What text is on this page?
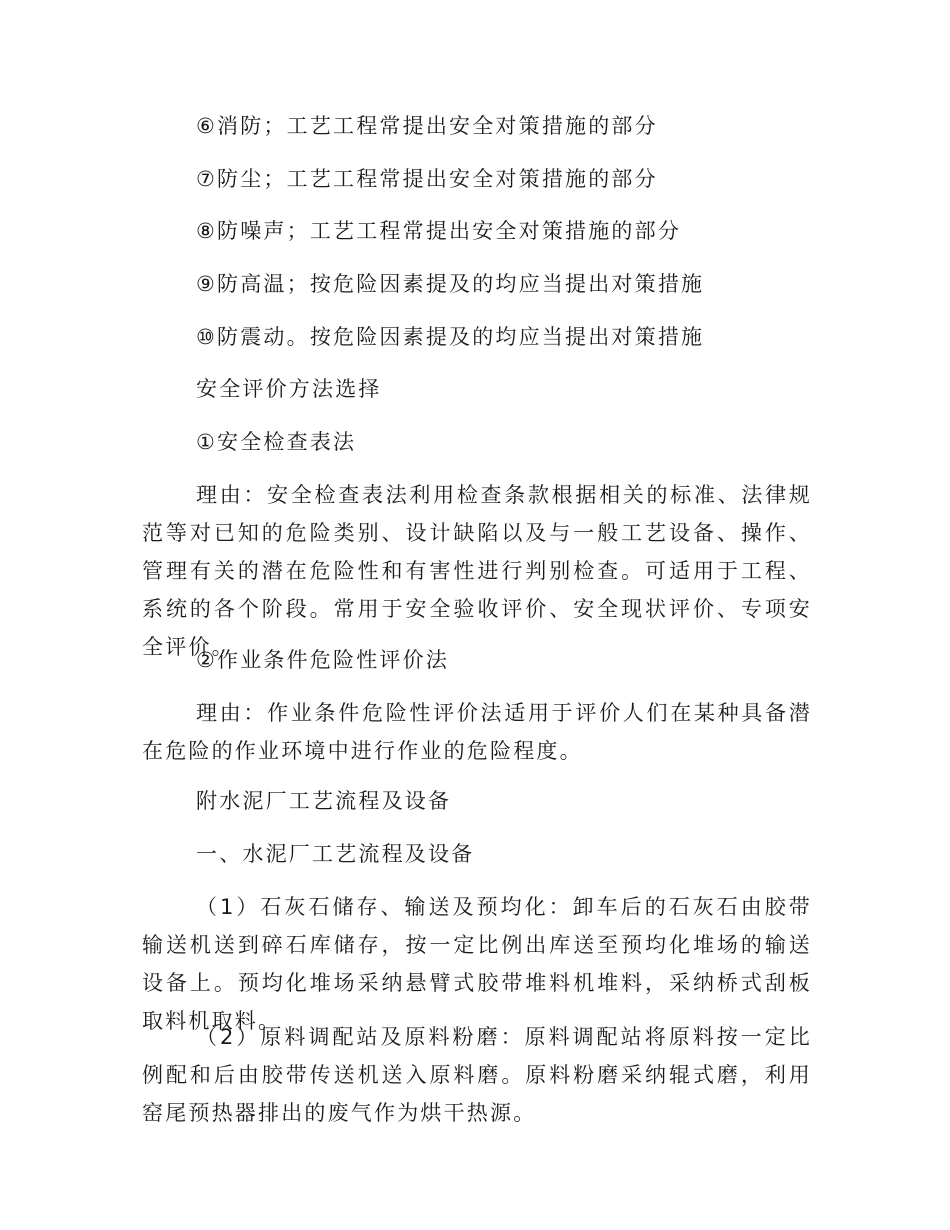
⑥消防；工艺工程常提出安全对策措施的部分
⑦防尘；工艺工程常提出安全对策措施的部分
⑧防噪声；工艺工程常提出安全对策措施的部分
⑨防高温；按危险因素提及的均应当提出对策措施
⑩防震动。按危险因素提及的均应当提出对策措施
安全评价方法选择
①安全检查表法
理由：安全检查表法利用检查条款根据相关的标准、法律规范等对已知的危险类别、设计缺陷以及与一般工艺设备、操作、管理有关的潜在危险性和有害性进行判别检查。可适用于工程、系统的各个阶段。常用于安全验收评价、安全现状评价、专项安全评价。
②作业条件危险性评价法
理由：作业条件危险性评价法适用于评价人们在某种具备潜在危险的作业环境中进行作业的危险程度。
附水泥厂工艺流程及设备
一、水泥厂工艺流程及设备
（1）石灰石储存、输送及预均化：卸车后的石灰石由胶带输送机送到碎石库储存，按一定比例出库送至预均化堆场的输送设备上。预均化堆场采纳悬臂式胶带堆料机堆料，采纳桥式刮板取料机取料。
（2）原料调配站及原料粉磨：原料调配站将原料按一定比例配和后由胶带传送机送入原料磨。原料粉磨采纳辊式磨，利用窑尾预热器排出的废气作为烘干热源。
